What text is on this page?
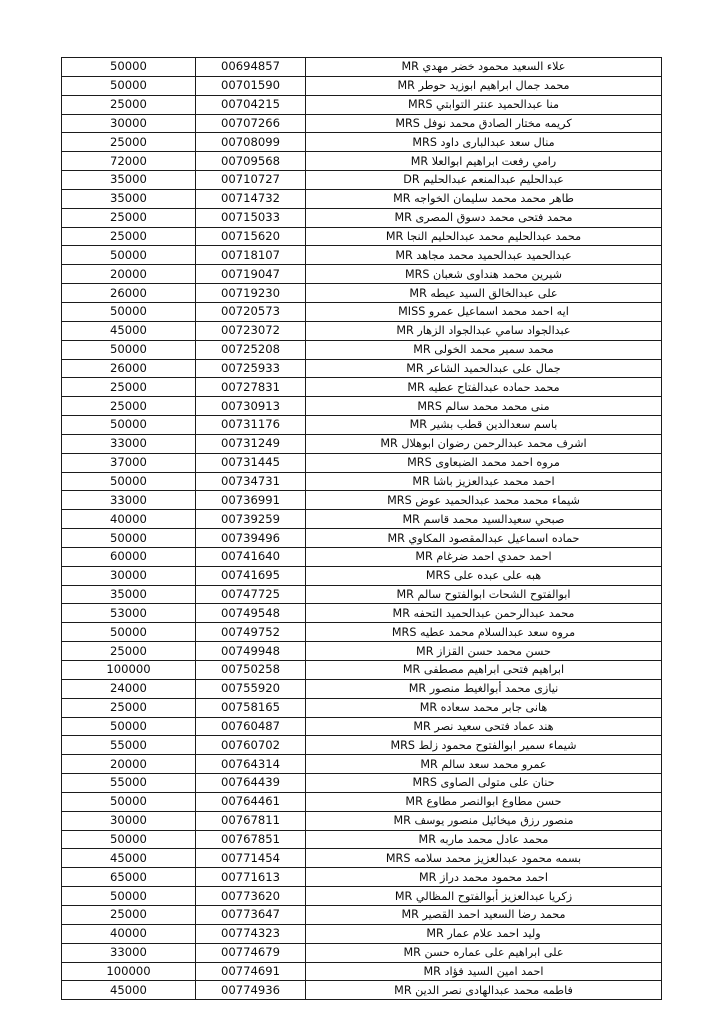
علاء السعيد محمود خضر مهدي MR	00694857	50000
محمد جمال ابراهيم ابوزيد حوطر MR	00701590	50000
منا عبدالحميد عنتر التوابتي MRS	00704215	25000
كريمه مختار الصادق محمد نوفل MRS	00707266	30000
منال سعد عبدالبارى داود MRS	00708099	25000
رامي رفعت ابراهيم ابوالعلا MR	00709568	72000
عبدالحليم عبدالمنعم عبدالحليم DR	00710727	35000
طاهر محمد محمد سليمان الخواجه MR	00714732	35000
محمد فتحى محمد دسوق المصرى MR	00715033	25000
محمد عبدالحليم محمد عبدالحليم النجا MR	00715620	25000
عبدالحميد عبدالحميد محمد مجاهد MR	00718107	50000
شيرين محمد هنداوى شعبان MRS	00719047	20000
على عبدالخالق السيد عيطه MR	00719230	26000
ايه احمد محمد اسماعيل عمرو MISS	00720573	50000
عبدالجواد سامي عبدالجواد الزهار MR	00723072	45000
محمد سمير محمد الخولى MR	00725208	50000
جمال على عبدالحميد الشاعر MR	00725933	26000
محمد حماده عبدالفتاح عطيه MR	00727831	25000
منى محمد محمد سالم MRS	00730913	25000
باسم سعدالدين قطب بشير MR	00731176	50000
اشرف محمد عبدالرحمن رضوان ابوهلال MR	00731249	33000
مروه احمد محمد الضبعاوى MRS	00731445	37000
احمد محمد عبدالعزيز باشا MR	00734731	50000
شيماء محمد محمد عبدالحميد عوض MRS	00736991	33000
صبحي سعيدالسيد محمد قاسم MR	00739259	40000
حماده اسماعيل عبدالمقصود المكاوي MR	00739496	50000
احمد حمدي احمد ضرغام MR	00741640	60000
هبه على عبده على MRS	00741695	30000
ابوالفتوح الشحات ابوالفتوح سالم MR	00747725	35000
محمد عبدالرحمن عبدالحميد التحفه MR	00749548	53000
مروه سعد عبدالسلام محمد عطيه MRS	00749752	50000
حسن محمد حسن القزاز MR	00749948	25000
ابراهيم فتحى ابراهيم مصطفى MR	00750258	100000
نيازى محمد أبوالغيط منصور MR	00755920	24000
هانى جابر محمد سعاده MR	00758165	25000
هند عماد فتحى سعيد نصر MR	00760487	50000
شيماء سمير ابوالفتوح محمود زلط MRS	00760702	55000
عمرو محمد سعد سالم MR	00764314	20000
حنان على متولى الصاوى MRS	00764439	55000
حسن مطاوع ابوالنصر مطاوع MR	00764461	50000
منصور رزق ميخائيل منصور يوسف MR	00767811	30000
محمد عادل محمد ماربه MR	00767851	50000
بسمه محمود عبدالعزيز محمد سلامه MRS	00771454	45000
احمد محمود محمد دراز MR	00771613	65000
زكريا عبدالعزيز أبوالفتوح المظالي MR	00773620	50000
محمد رضا السعيد احمد القصير MR	00773647	25000
وليد احمد علام عمار MR	00774323	40000
على ابراهيم على عماره حسن MR	00774679	33000
احمد امين السيد فؤاد MR	00774691	100000
فاطمه محمد عبدالهادى نصر الدين MR	00774936	45000
